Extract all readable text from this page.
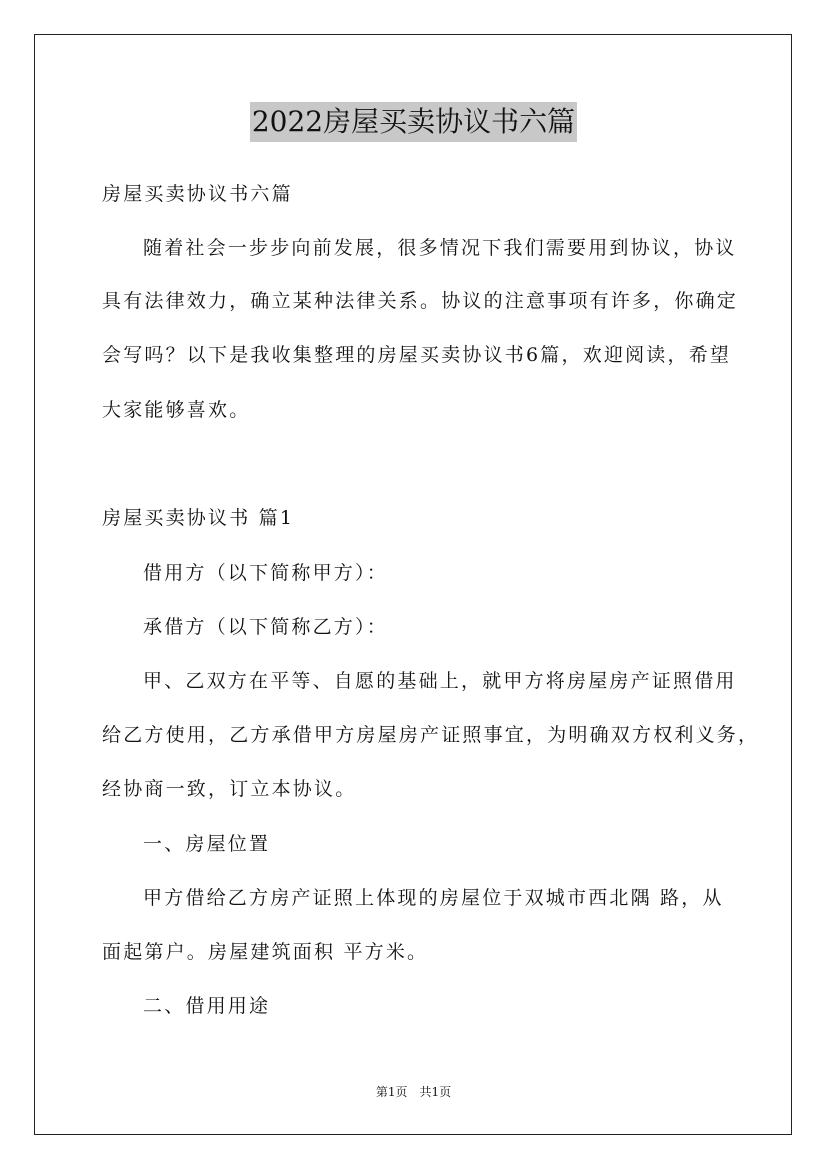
2022房屋买卖协议书六篇
房屋买卖协议书六篇
随着社会一步步向前发展，很多情况下我们需要用到协议，协议
具有法律效力，确立某种法律关系。协议的注意事项有许多，你确定
会写吗？以下是我收集整理的房屋买卖协议书6篇，欢迎阅读，希望
大家能够喜欢。
房屋买卖协议书 篇1
借用方（以下简称甲方）：
承借方（以下简称乙方）：
甲、乙双方在平等、自愿的基础上，就甲方将房屋房产证照借用
给乙方使用，乙方承借甲方房屋房产证照事宜，为明确双方权利义务，
经协商一致，订立本协议。
一、房屋位置
甲方借给乙方房产证照上体现的房屋位于双城市西北隅 路，从
面起第户。房屋建筑面积 平方米。
二、借用用途
第1页　共1页
